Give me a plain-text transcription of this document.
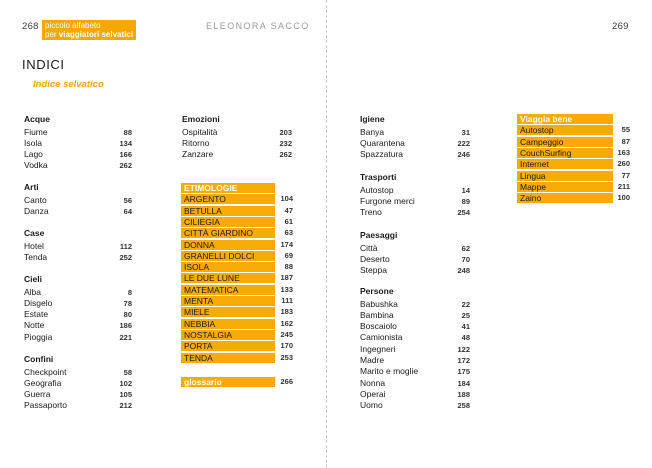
268 piccolo alfabeto
per viaggiatori selvatici
ELEONORA SACCO	269
INDICI
Indice selvatico
Acque
Fiume	88
Isola	134
Lago	166
Vodka	262
Arti
Canto	56
Danza	64
Case
Hotel	112
Tenda	252
Cieli
Alba	8
Disgelo	78
Estate	80
Notte	186
Pioggia	221
Confini
Checkpoint	58
Geografia	102
Guerra	105
Passaporto	212
Emozioni
Ospitalità	203
Ritorno	232
Zanzare	262
ETIMOLOGIE
ARGENTO	104
BETULLA	47
CILIEGIA	61
CITTÀ GIARDINO	63
DONNA	174
GRANELLI DOLCI	69
ISOLA	88
LE DUE LUNE	187
MATEMATICA	133
MENTA	111
MIELE	183
NEBBIA	162
NOSTALGIA	245
PORTA	170
TENDA	253
glossario	266
Igiene
Banya	31
Quarantena	222
Spazzatura	246
Trasporti
Autostop	14
Furgone merci	89
Treno	254
Paesaggi
Città	62
Deserto	70
Steppa	248
Persone
Babushka	22
Bambina	25
Boscaiolo	41
Camionista	48
Ingegneri	122
Madre	172
Marito e moglie	175
Nonna	184
Operai	188
Uomo	258
Viaggia bene
Autostop	55
Campeggio	87
CouchSurfing	163
Internet	260
Lingua	77
Mappe	211
Zaino	100
